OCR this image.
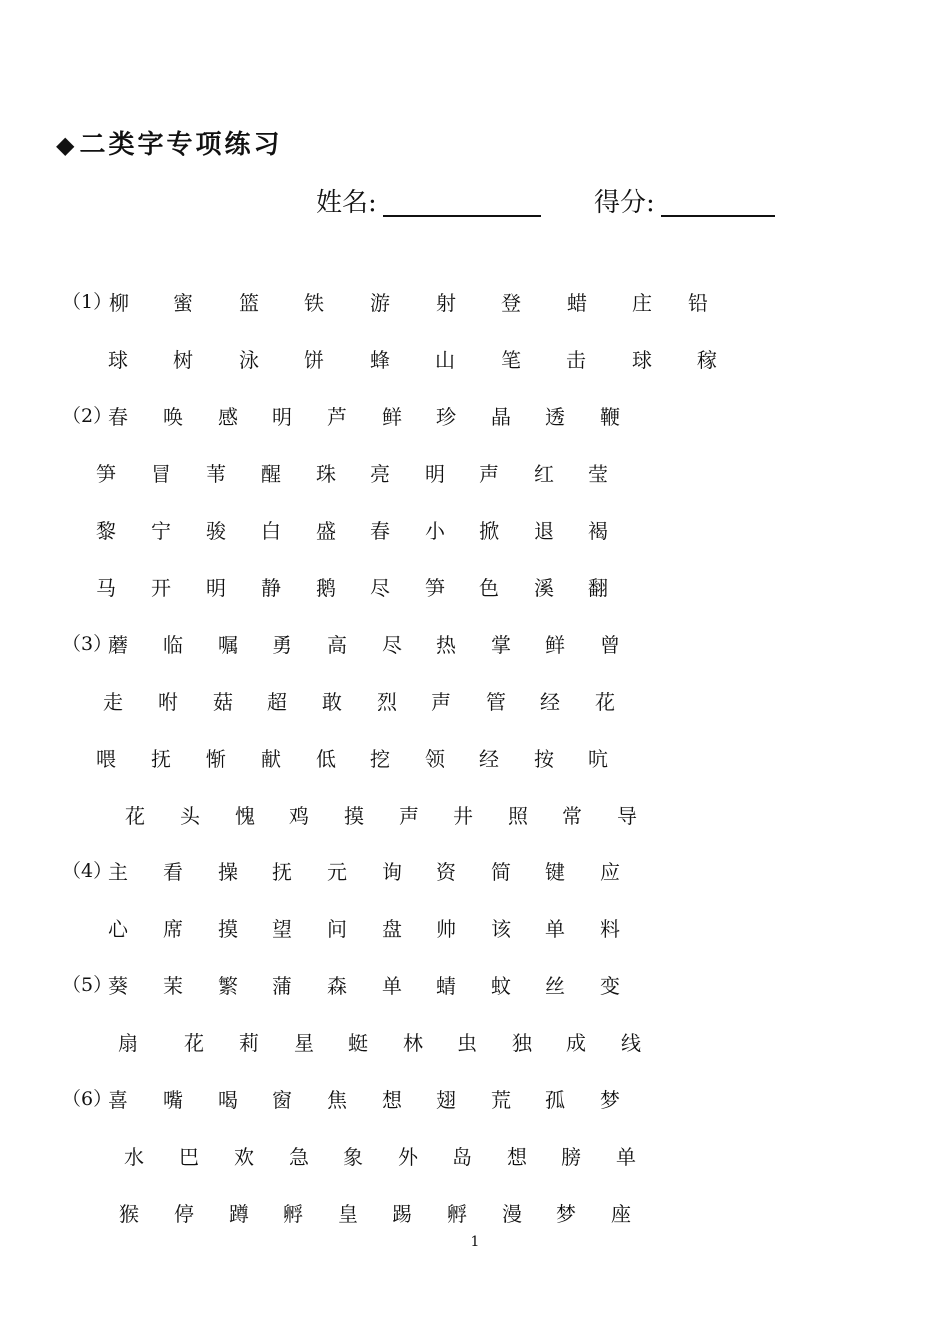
◆二类字专项练习
姓名:	得分:
（1）
柳 蜜 篮 铁 游 射 登 蜡 庄 铅
球 树 泳 饼 蜂 山 笔 击 球 稼
（2）
春 唤 感 明 芦 鲜 珍 晶 透 鞭
笋 冒 苇 醒 珠 亮 明 声 红 莹
黎 宁 骏 白 盛 春 小 掀 退 褐
马 开 明 静 鹅 尽 笋 色 溪 翻
（3）
蘑 临 嘱 勇 高 尽 热 掌 鲜 曾
走 咐 菇 超 敢 烈 声 管 经 花
喂 抚 惭 献 低 挖 领 经 按 吭
花 头 愧 鸡 摸 声 井 照 常 导
（4）
主 看 操 抚 元 询 资 简 键 应
心 席 摸 望 问 盘 帅 该 单 料
（5）
葵 茉 繁 蒲 森 单 蜻 蚊 丝 变
扇 花 莉 星 蜓 林 虫 独 成 线
（6）
喜 嘴 喝 窗 焦 想 翅 荒 孤 梦
水 巴 欢 急 象 外 岛 想 膀 单
猴 停 蹲 孵 皇 踢 孵 漫 梦 座
1
